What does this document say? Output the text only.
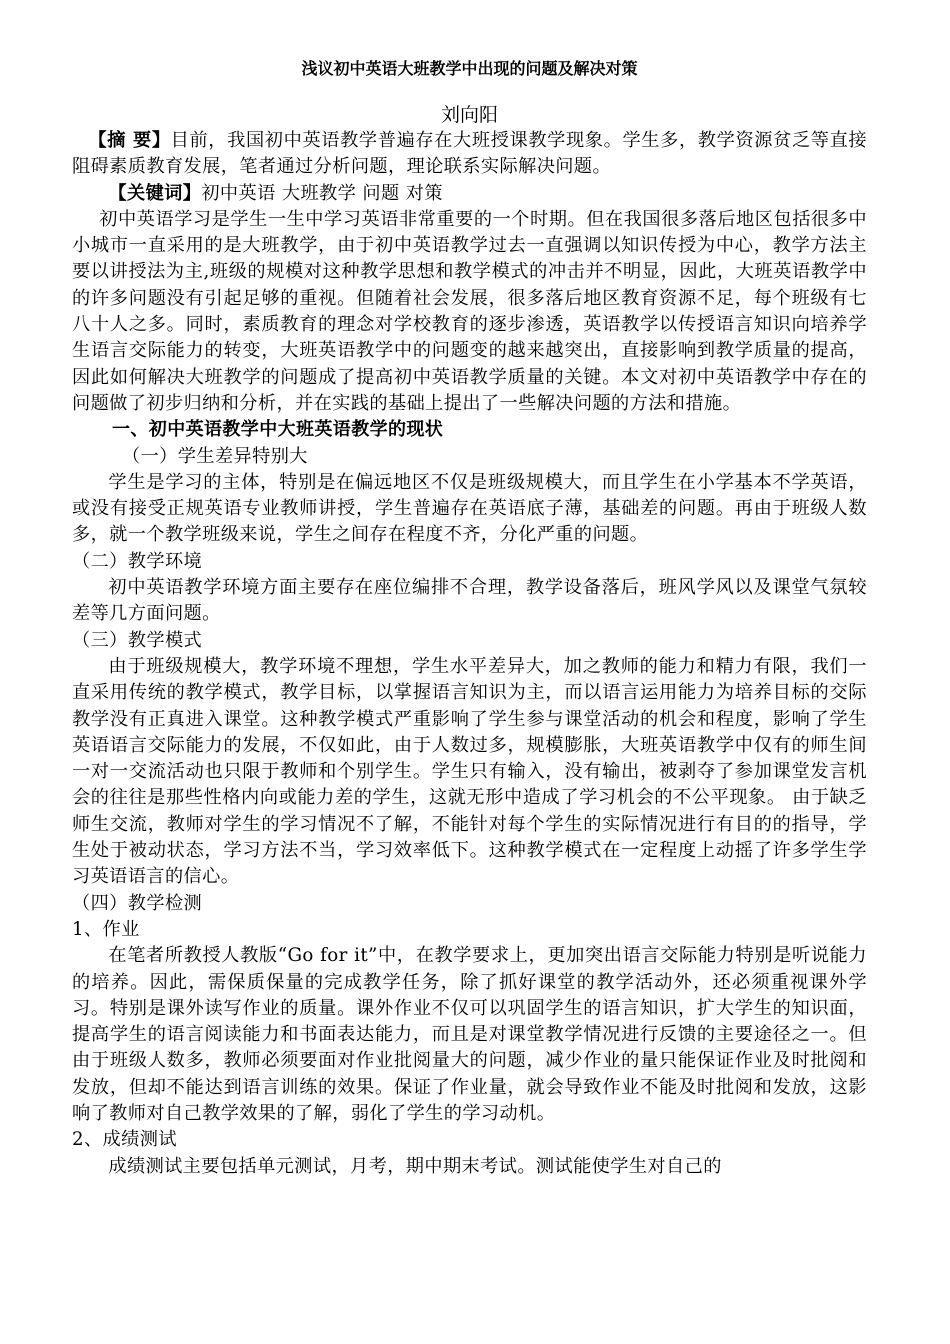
浅议初中英语大班教学中出现的问题及解决对策
刘向阳

【摘 要】目前，我国初中英语教学普遍存在大班授课教学现象。学生多，教学资源贫乏等直接阻碍素质教育发展，笔者通过分析问题，理论联系实际解决问题。

【关键词】初中英语 大班教学 问题 对策

初中英语学习是学生一生中学习英语非常重要的一个时期。但在我国很多落后地区包括很多中小城市一直采用的是大班教学，由于初中英语教学过去一直强调以知识传授为中心，教学方法主要以讲授法为主,班级的规模对这种教学思想和教学模式的冲击并不明显，因此，大班英语教学中的许多问题没有引起足够的重视。但随着社会发展，很多落后地区教育资源不足，每个班级有七八十人之多。同时，素质教育的理念对学校教育的逐步渗透，英语教学以传授语言知识向培养学生语言交际能力的转变，大班英语教学中的问题变的越来越突出，直接影响到教学质量的提高，因此如何解决大班教学的问题成了提高初中英语教学质量的关键。本文对初中英语教学中存在的问题做了初步归纳和分析，并在实践的基础上提出了一些解决问题的方法和措施。

一、初中英语教学中大班英语教学的现状

（一）学生差异特别大

学生是学习的主体，特别是在偏远地区不仅是班级规模大，而且学生在小学基本不学英语，或没有接受正规英语专业教师讲授，学生普遍存在英语底子薄，基础差的问题。再由于班级人数多，就一个教学班级来说，学生之间存在程度不齐，分化严重的问题。

（二）教学环境

初中英语教学环境方面主要存在座位编排不合理，教学设备落后，班风学风以及课堂气氛较差等几方面问题。

（三）教学模式

由于班级规模大，教学环境不理想，学生水平差异大，加之教师的能力和精力有限，我们一直采用传统的教学模式，教学目标，以掌握语言知识为主，而以语言运用能力为培养目标的交际教学没有正真进入课堂。这种教学模式严重影响了学生参与课堂活动的机会和程度，影响了学生英语语言交际能力的发展，不仅如此，由于人数过多，规模膨胀，大班英语教学中仅有的师生间一对一交流活动也只限于教师和个别学生。学生只有输入，没有输出，被剥夺了参加课堂发言机会的往往是那些性格内向或能力差的学生，这就无形中造成了学习机会的不公平现象。 由于缺乏师生交流，教师对学生的学习情况不了解，不能针对每个学生的实际情况进行有目的的指导，学生处于被动状态，学习方法不当，学习效率低下。这种教学模式在一定程度上动摇了许多学生学习英语语言的信心。

（四）教学检测

1、作业

在笔者所教授人教版“Go for it”中，在教学要求上，更加突出语言交际能力特别是听说能力的培养。因此，需保质保量的完成教学任务，除了抓好课堂的教学活动外，还必须重视课外学习。特别是课外读写作业的质量。课外作业不仅可以巩固学生的语言知识，扩大学生的知识面，提高学生的语言阅读能力和书面表达能力，而且是对课堂教学情况进行反馈的主要途径之一。但由于班级人数多，教师必须要面对作业批阅量大的问题，减少作业的量只能保证作业及时批阅和发放，但却不能达到语言训练的效果。保证了作业量，就会导致作业不能及时批阅和发放，这影响了教师对自己教学效果的了解，弱化了学生的学习动机。

2、成绩测试

成绩测试主要包括单元测试，月考，期中期末考试。测试能使学生对自己的
